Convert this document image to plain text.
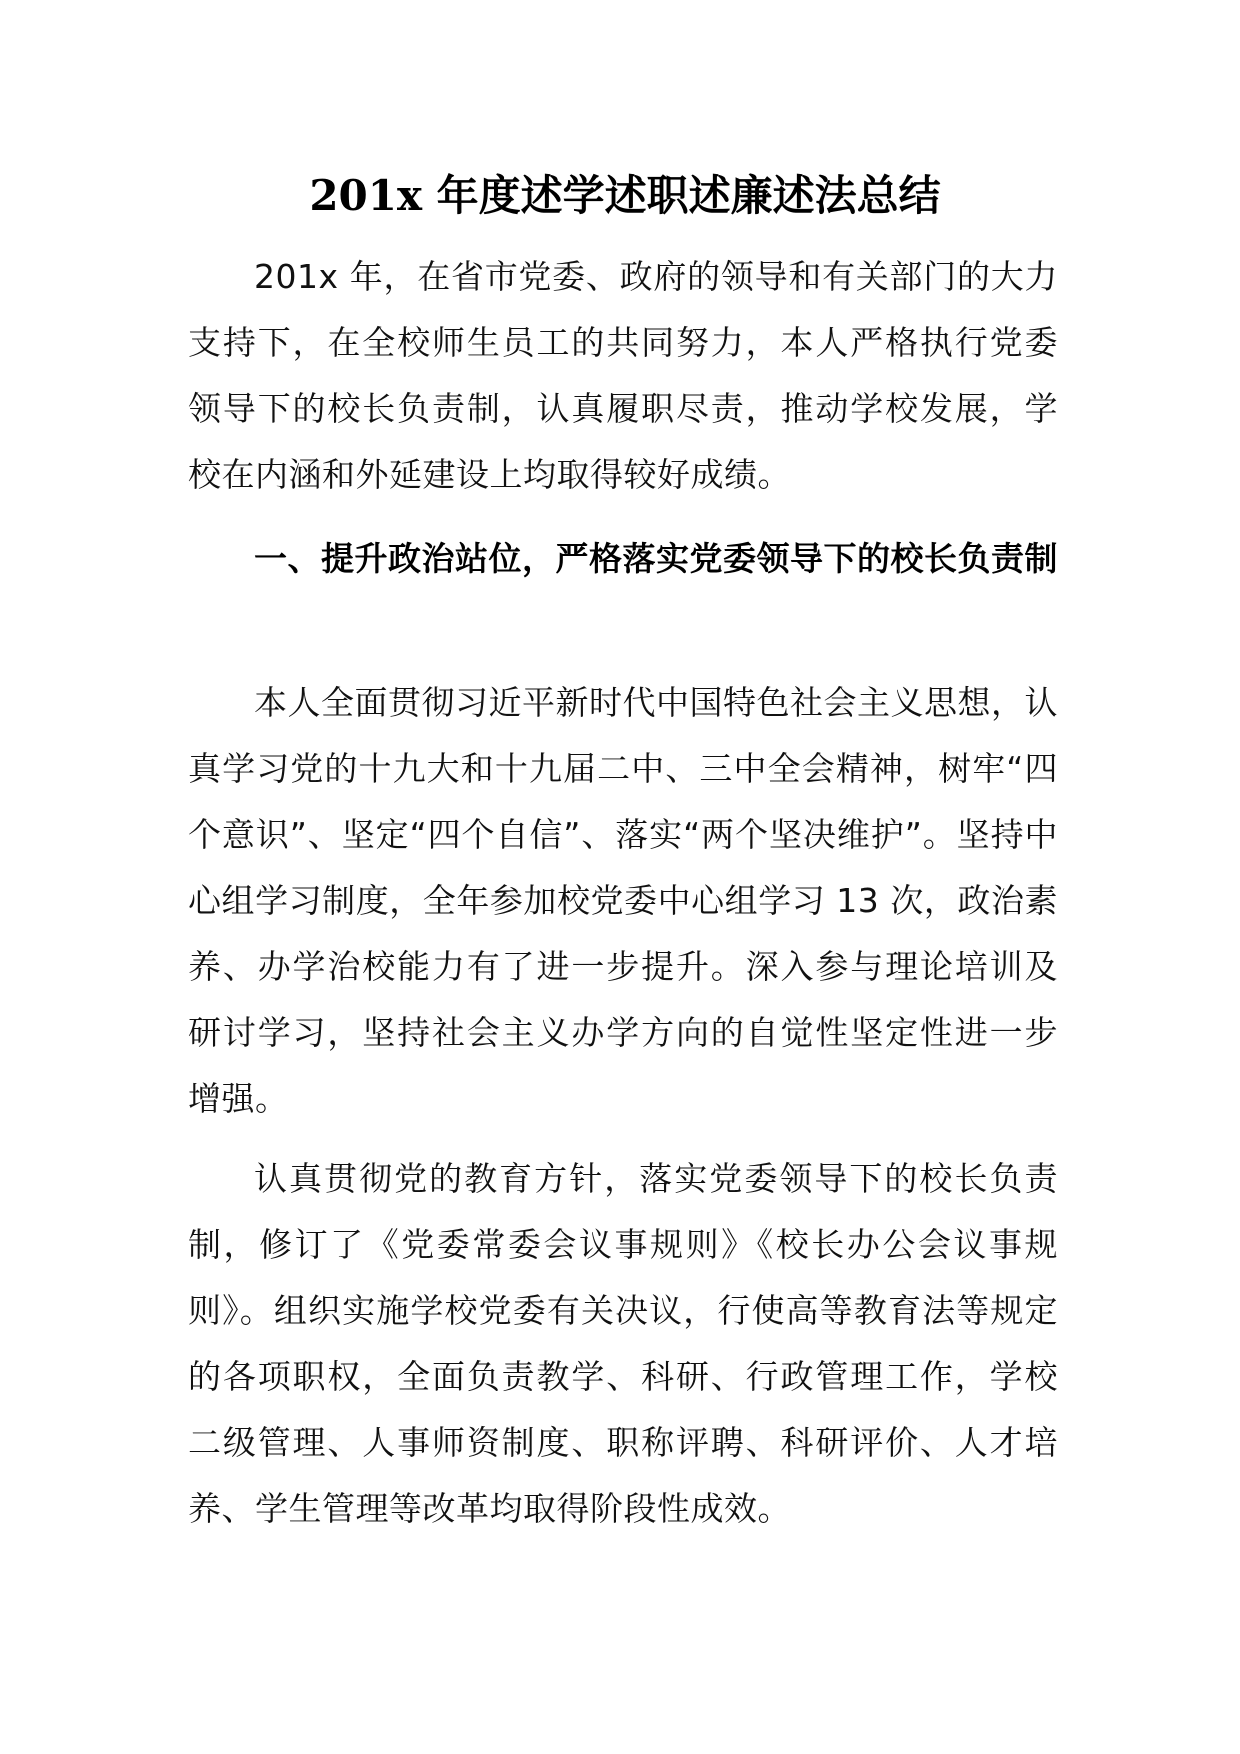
201x 年度述学述职述廉述法总结

201x 年，在省市党委、政府的领导和有关部门的大力支持下，在全校师生员工的共同努力，本人严格执行党委领导下的校长负责制，认真履职尽责，推动学校发展，学校在内涵和外延建设上均取得较好成绩。

一、提升政治站位，严格落实党委领导下的校长负责制

本人全面贯彻习近平新时代中国特色社会主义思想，认真学习党的十九大和十九届二中、三中全会精神，树牢“四个意识”、坚定“四个自信”、落实“两个坚决维护”。坚持中心组学习制度，全年参加校党委中心组学习 13 次，政治素养、办学治校能力有了进一步提升。深入参与理论培训及研讨学习，坚持社会主义办学方向的自觉性坚定性进一步增强。

认真贯彻党的教育方针，落实党委领导下的校长负责制，修订了《党委常委会议事规则》《校长办公会议事规则》。组织实施学校党委有关决议，行使高等教育法等规定的各项职权，全面负责教学、科研、行政管理工作，学校二级管理、人事师资制度、职称评聘、科研评价、人才培养、学生管理等改革均取得阶段性成效。
